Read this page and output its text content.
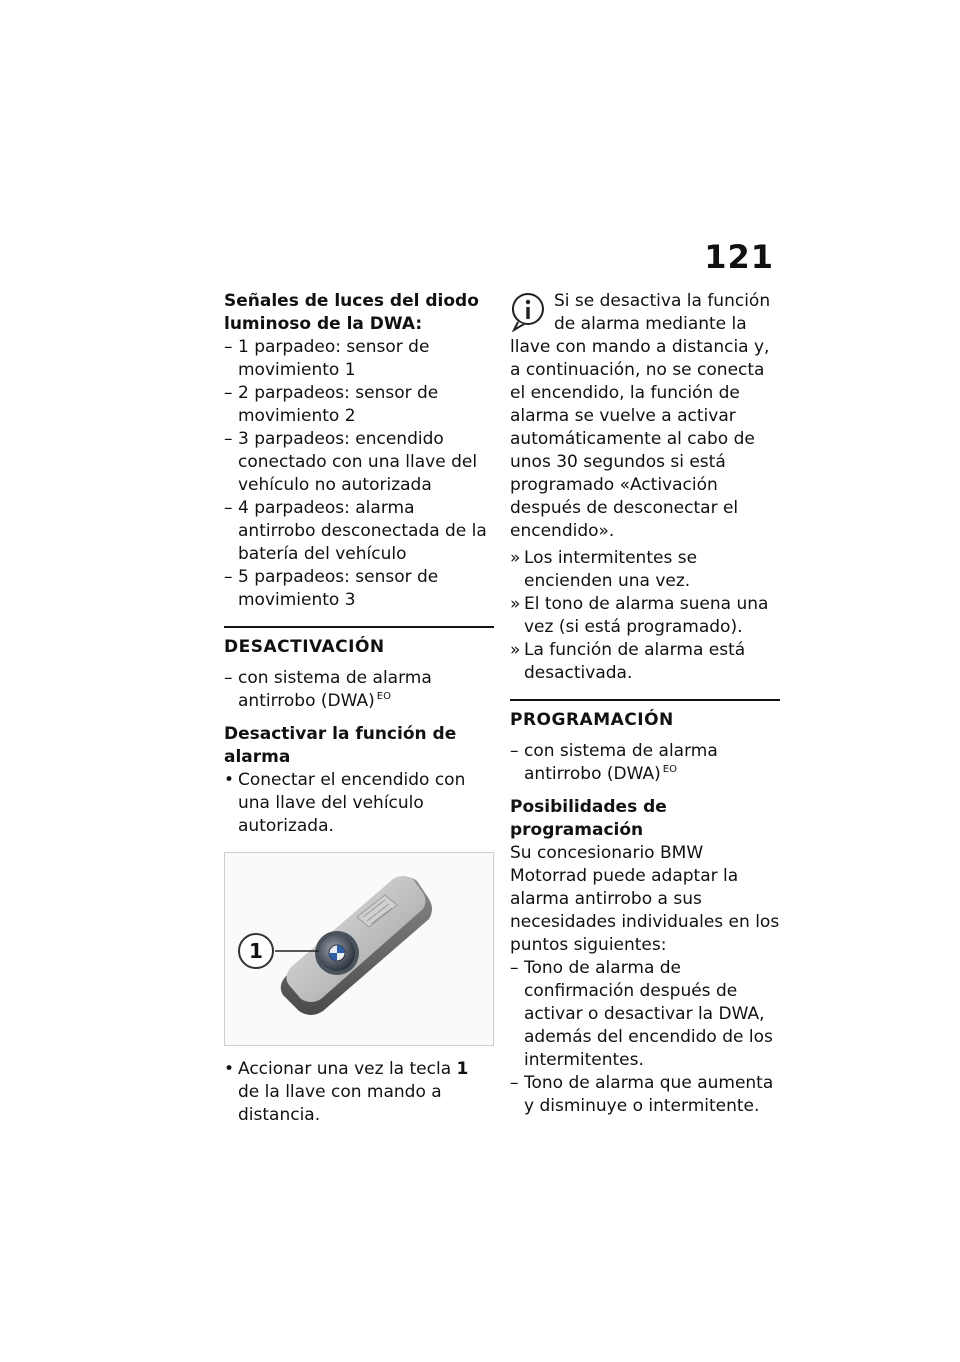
121

Señales de luces del diodo luminoso de la DWA:

– 1 parpadeo: sensor de movimiento 1

– 2 parpadeos: sensor de movimiento 2

– 3 parpadeos: encendido conectado con una llave del vehículo no autorizada

– 4 parpadeos: alarma antirrobo desconectada de la batería del vehículo

– 5 parpadeos: sensor de movimiento 3

DESACTIVACIÓN

– con sistema de alarma antirrobo (DWA) $^{EO}$

Desactivar la función de alarma

• Conectar el encendido con una llave del vehículo autorizada.

1

• Accionar una vez la tecla 1 de la llave con mando a distancia.

Si se desactiva la función de alarma mediante la llave con mando a distancia y, a continuación, no se conecta el encendido, la función de alarma se vuelve a activar automáticamente al cabo de unos 30 segundos si está programado «Activación después de desconectar el encendido».

» Los intermitentes se encienden una vez.

» El tono de alarma suena una vez (si está programado).

» La función de alarma está desactivada.

PROGRAMACIÓN

– con sistema de alarma antirrobo (DWA) $^{EO}$

Posibilidades de programación

Su concesionario BMW Motorrad puede adaptar la alarma antirrobo a sus necesidades individuales en los puntos siguientes:

– Tono de alarma de confirmación después de activar o desactivar la DWA, además del encendido de los intermitentes.

– Tono de alarma que aumenta y disminuye o intermitente.
